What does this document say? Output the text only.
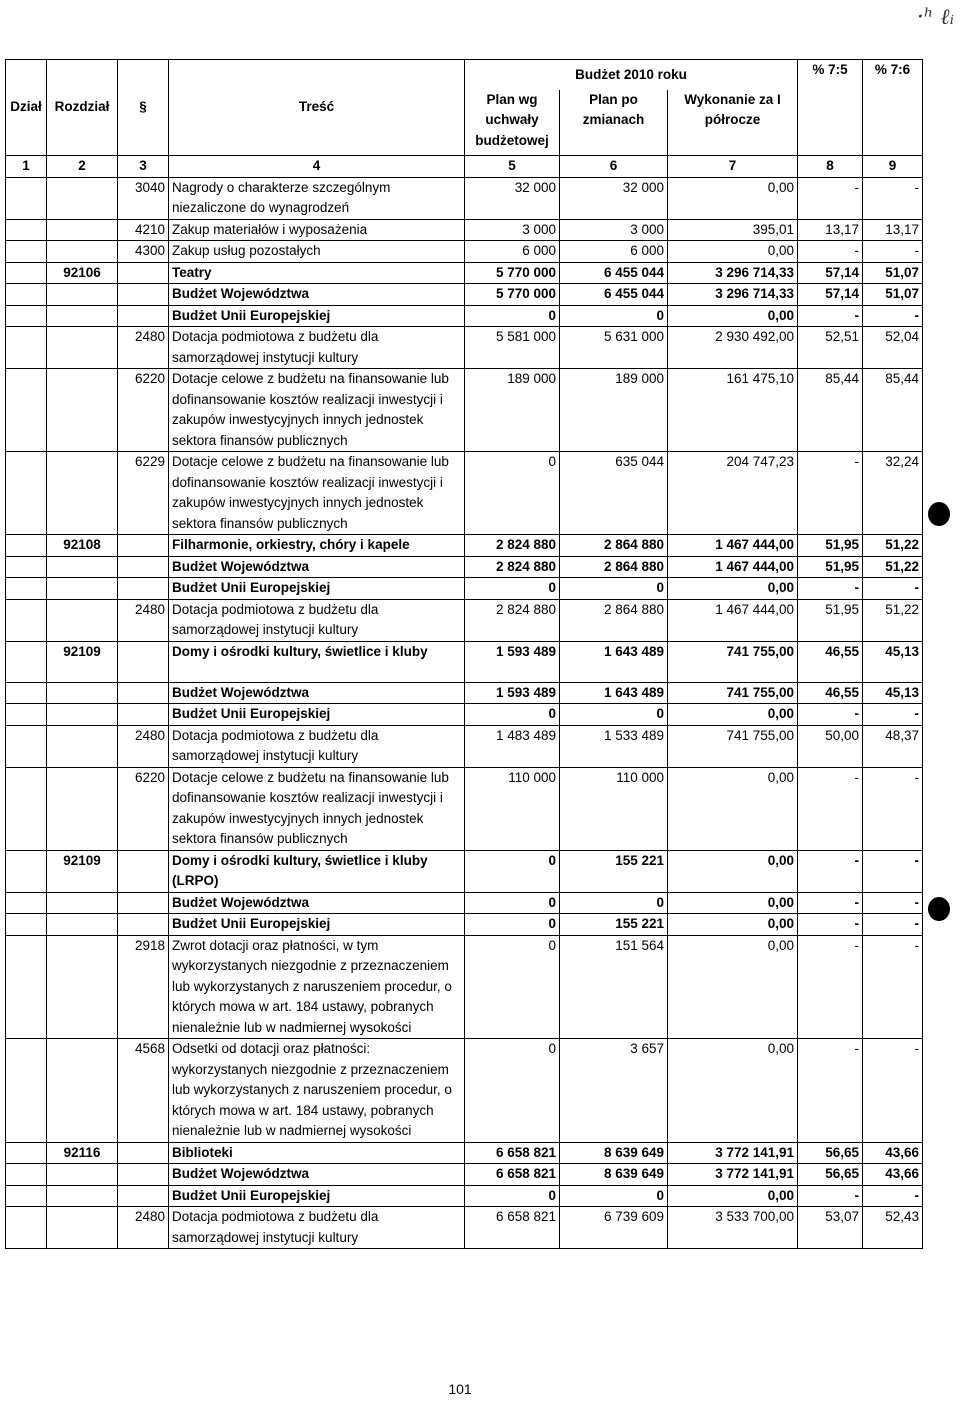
·ʰ ℓᵢ
Dział	Rozdział	§	Treść	Budżet 2010 roku			% 7:5	% 7:6
				Plan wg uchwały budżetowej	Plan po zmianach	Wykonanie za I półrocze		
1	2	3	4	5	6	7	8	9
		3040	Nagrody o charakterze szczególnym niezaliczone do wynagrodzeń	32 000	32 000	0,00	-	-
		4210	Zakup materiałów i wyposażenia	3 000	3 000	395,01	13,17	13,17
		4300	Zakup usług pozostałych	6 000	6 000	0,00	-	-
	92106		Teatry	5 770 000	6 455 044	3 296 714,33	57,14	51,07
			Budżet Województwa	5 770 000	6 455 044	3 296 714,33	57,14	51,07
			Budżet Unii Europejskiej	0	0	0,00	-	-
		2480	Dotacja podmiotowa z budżetu dla samorządowej instytucji kultury	5 581 000	5 631 000	2 930 492,00	52,51	52,04
		6220	Dotacje celowe z budżetu na finansowanie lub dofinansowanie kosztów realizacji inwestycji i zakupów inwestycyjnych innych jednostek sektora finansów publicznych	189 000	189 000	161 475,10	85,44	85,44
		6229	Dotacje celowe z budżetu na finansowanie lub dofinansowanie kosztów realizacji inwestycji i zakupów inwestycyjnych innych jednostek sektora finansów publicznych	0	635 044	204 747,23	-	32,24
	92108		Filharmonie, orkiestry, chóry i kapele	2 824 880	2 864 880	1 467 444,00	51,95	51,22
			Budżet Województwa	2 824 880	2 864 880	1 467 444,00	51,95	51,22
			Budżet Unii Europejskiej	0	0	0,00	-	-
		2480	Dotacja podmiotowa z budżetu dla samorządowej instytucji kultury	2 824 880	2 864 880	1 467 444,00	51,95	51,22
	92109		Domy i ośrodki kultury, świetlice i kluby	1 593 489	1 643 489	741 755,00	46,55	45,13
			Budżet Województwa	1 593 489	1 643 489	741 755,00	46,55	45,13
			Budżet Unii Europejskiej	0	0	0,00	-	-
		2480	Dotacja podmiotowa z budżetu dla samorządowej instytucji kultury	1 483 489	1 533 489	741 755,00	50,00	48,37
		6220	Dotacje celowe z budżetu na finansowanie lub dofinansowanie kosztów realizacji inwestycji i zakupów inwestycyjnych innych jednostek sektora finansów publicznych	110 000	110 000	0,00	-	-
	92109		Domy i ośrodki kultury, świetlice i kluby (LRPO)	0	155 221	0,00	-	-
			Budżet Województwa	0	0	0,00	-	-
			Budżet Unii Europejskiej	0	155 221	0,00	-	-
		2918	Zwrot dotacji oraz płatności, w tym wykorzystanych niezgodnie z przeznaczeniem lub wykorzystanych z naruszeniem procedur, o których mowa w art. 184 ustawy, pobranych nienależnie lub w nadmiernej wysokości	0	151 564	0,00	-	-
		4568	Odsetki od dotacji oraz płatności: wykorzystanych niezgodnie z przeznaczeniem lub wykorzystanych z naruszeniem procedur, o których mowa w art. 184 ustawy, pobranych nienależnie lub w nadmiernej wysokości	0	3 657	0,00	-	-
	92116		Biblioteki	6 658 821	8 639 649	3 772 141,91	56,65	43,66
			Budżet Województwa	6 658 821	8 639 649	3 772 141,91	56,65	43,66
			Budżet Unii Europejskiej	0	0	0,00	-	-
		2480	Dotacja podmiotowa z budżetu dla samorządowej instytucji kultury	6 658 821	6 739 609	3 533 700,00	53,07	52,43
101
